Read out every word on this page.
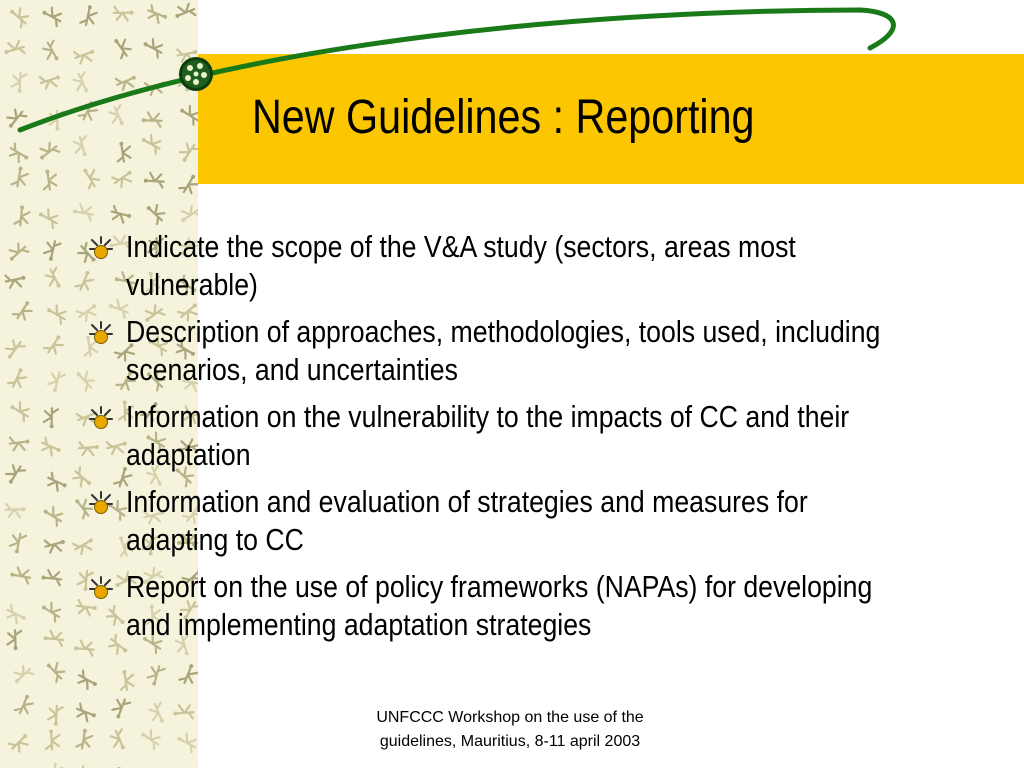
New Guidelines : Reporting
Indicate the scope of the V&A study (sectors, areas most vulnerable)
Description of approaches, methodologies, tools used, including scenarios, and uncertainties
Information on the vulnerability to the impacts of CC and their adaptation
Information and evaluation of strategies and measures for adapting to CC
Report on the use of policy frameworks (NAPAs) for developing and implementing adaptation strategies
UNFCCC Workshop on the use of the
guidelines, Mauritius, 8-11 april 2003
